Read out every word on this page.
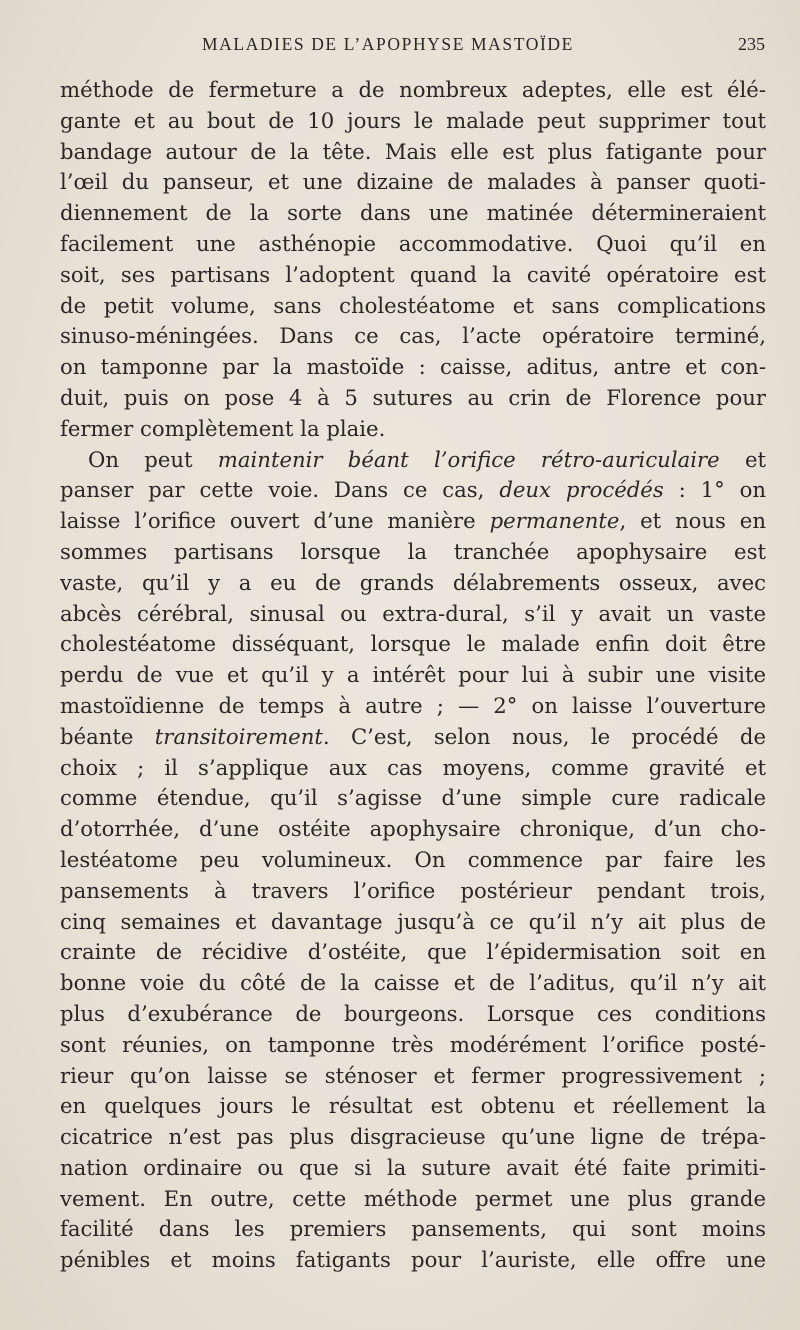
MALADIES DE L’APOPHYSE MASTOÏDE	235
méthode de fermeture a de nombreux adeptes, elle est élé-
gante et au bout de 10 jours le malade peut supprimer tout
bandage autour de la tête. Mais elle est plus fatigante pour
l’œil du panseur, et une dizaine de malades à panser quoti-
diennement de la sorte dans une matinée détermineraient
facilement une asthénopie accommodative. Quoi qu’il en
soit, ses partisans l’adoptent quand la cavité opératoire est
de petit volume, sans cholestéatome et sans complications
sinuso-méningées. Dans ce cas, l’acte opératoire terminé,
on tamponne par la mastoïde : caisse, aditus, antre et con-
duit, puis on pose 4 à 5 sutures au crin de Florence pour
fermer complètement la plaie.
On peut maintenir béant l’orifice rétro-auriculaire et
panser par cette voie. Dans ce cas, deux procédés : 1° on
laisse l’orifice ouvert d’une manière permanente, et nous en
sommes partisans lorsque la tranchée apophysaire est
vaste, qu’il y a eu de grands délabrements osseux, avec
abcès cérébral, sinusal ou extra-dural, s’il y avait un vaste
cholestéatome disséquant, lorsque le malade enfin doit être
perdu de vue et qu’il y a intérêt pour lui à subir une visite
mastoïdienne de temps à autre ; — 2° on laisse l’ouverture
béante transitoirement. C’est, selon nous, le procédé de
choix ; il s’applique aux cas moyens, comme gravité et
comme étendue, qu’il s’agisse d’une simple cure radicale
d’otorrhée, d’une ostéite apophysaire chronique, d’un cho-
lestéatome peu volumineux. On commence par faire les
pansements à travers l’orifice postérieur pendant trois,
cinq semaines et davantage jusqu’à ce qu’il n’y ait plus de
crainte de récidive d’ostéite, que l’épidermisation soit en
bonne voie du côté de la caisse et de l’aditus, qu’il n’y ait
plus d’exubérance de bourgeons. Lorsque ces conditions
sont réunies, on tamponne très modérément l’orifice posté-
rieur qu’on laisse se sténoser et fermer progressivement ;
en quelques jours le résultat est obtenu et réellement la
cicatrice n’est pas plus disgracieuse qu’une ligne de trépa-
nation ordinaire ou que si la suture avait été faite primiti-
vement. En outre, cette méthode permet une plus grande
facilité dans les premiers pansements, qui sont moins
pénibles et moins fatigants pour l’auriste, elle offre une
